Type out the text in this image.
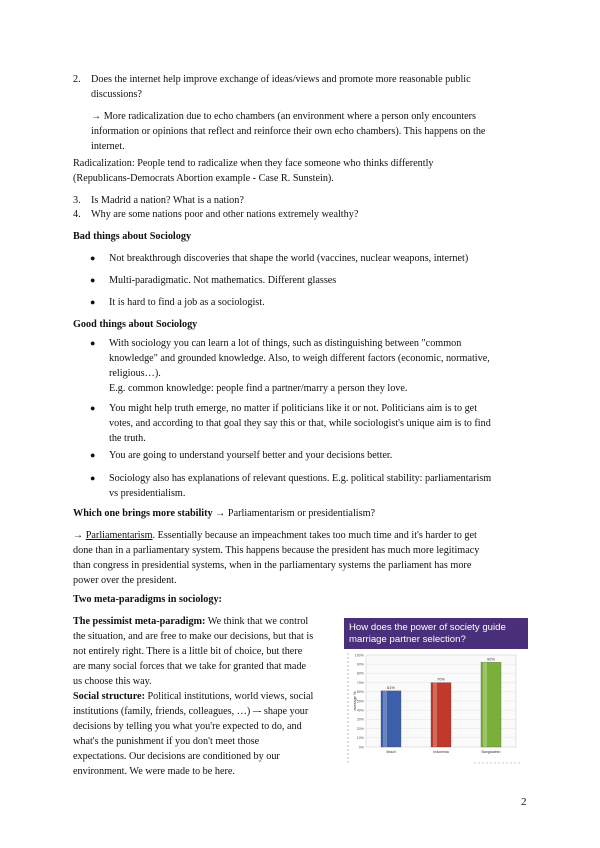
2. Does the internet help improve exchange of ideas/views and promote more reasonable public
discussions?

→ More radicalization due to echo chambers (an environment where a person only encounters
information or opinions that reflect and reinforce their own echo chambers). This happens on the
internet.

Radicalization: People tend to radicalize when they face someone who thinks differently
(Republicans-Democrats Abortion example - Case R. Sunstein).

3. Is Madrid a nation? What is a nation?
4. Why are some nations poor and other nations extremely wealthy?
Bad things about Sociology
● Not breakthrough discoveries that shape the world (vaccines, nuclear weapons, internet)
● Multi-paradigmatic. Not mathematics. Different glasses
● It is hard to find a job as a sociologist.
Good things about Sociology
● With sociology you can learn a lot of things, such as distinguishing between "common
knowledge" and grounded knowledge. Also, to weigh different factors (economic, normative,
religious…).
E.g. common knowledge: people find a partner/marry a person they love.

● You might help truth emerge, no matter if politicians like it or not. Politicians aim is to get
votes, and according to that goal they say this or that, while sociologist's unique aim is to find
the truth.

● You are going to understand yourself better and your decisions better.
● Sociology also has explanations of relevant questions. E.g. political stability: parliamentarism
vs presidentialism.

Which one brings more stability → Parliamentarism or presidentialism?

→ Parliamentarism. Essentially because an impeachment takes too much time and it's harder to get
done than in a parliamentary system. This happens because the president has much more legitimacy
than congress in presidential systems, when in the parliamentary systems the parliament has more
power over the president.

Two meta-paradigms in sociology:

The pessimist meta-paradigm: We think that we control
the situation, and are free to make our decisions, but that is
not entirely right. There is a little bit of choice, but there
are many social forces that we take for granted that made
us choose this way.

Social structure: Political institutions, world views, social
institutions (family, friends, colleagues, …) –- shape your
decisions by telling you what you're expected to do, and
what's the punishment if you don't meet those
expectations. Our decisions are conditioned by our
environment. We were made to be here.

How does the power of society guide marriage partner selection?
average %
100%
90%
80%
70%
60%
50%
40%
30%
20%
10%
0%
61%
Brazil
70%
Indonesia
92%
Bangladesh
2
